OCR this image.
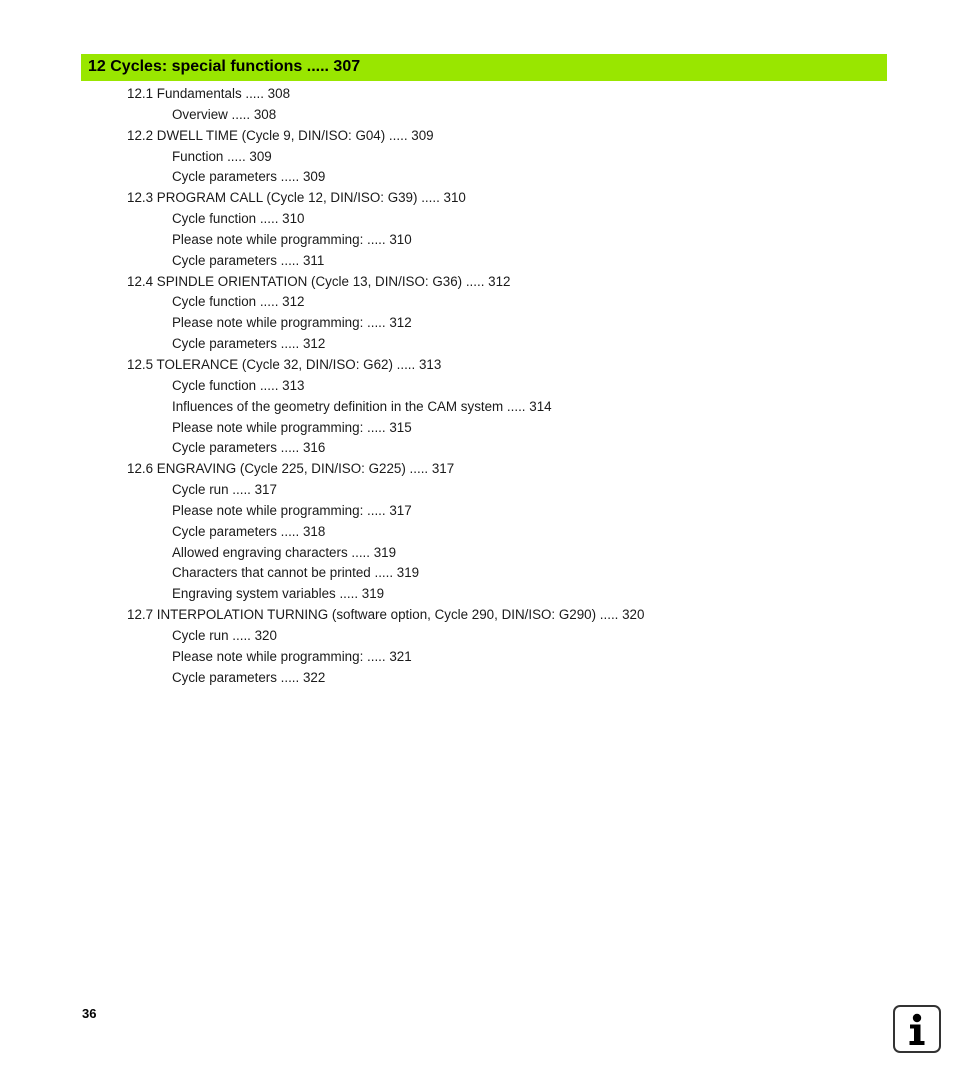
12 Cycles: special functions ..... 307
12.1 Fundamentals ..... 308
Overview ..... 308
12.2 DWELL TIME (Cycle 9, DIN/ISO: G04) ..... 309
Function ..... 309
Cycle parameters ..... 309
12.3 PROGRAM CALL (Cycle 12, DIN/ISO: G39) ..... 310
Cycle function ..... 310
Please note while programming: ..... 310
Cycle parameters ..... 311
12.4 SPINDLE ORIENTATION (Cycle 13, DIN/ISO: G36) ..... 312
Cycle function ..... 312
Please note while programming: ..... 312
Cycle parameters ..... 312
12.5 TOLERANCE (Cycle 32, DIN/ISO: G62) ..... 313
Cycle function ..... 313
Influences of the geometry definition in the CAM system ..... 314
Please note while programming: ..... 315
Cycle parameters ..... 316
12.6 ENGRAVING (Cycle 225, DIN/ISO: G225) ..... 317
Cycle run ..... 317
Please note while programming: ..... 317
Cycle parameters ..... 318
Allowed engraving characters ..... 319
Characters that cannot be printed ..... 319
Engraving system variables ..... 319
12.7 INTERPOLATION TURNING (software option, Cycle 290, DIN/ISO: G290) ..... 320
Cycle run ..... 320
Please note while programming: ..... 321
Cycle parameters ..... 322
36
